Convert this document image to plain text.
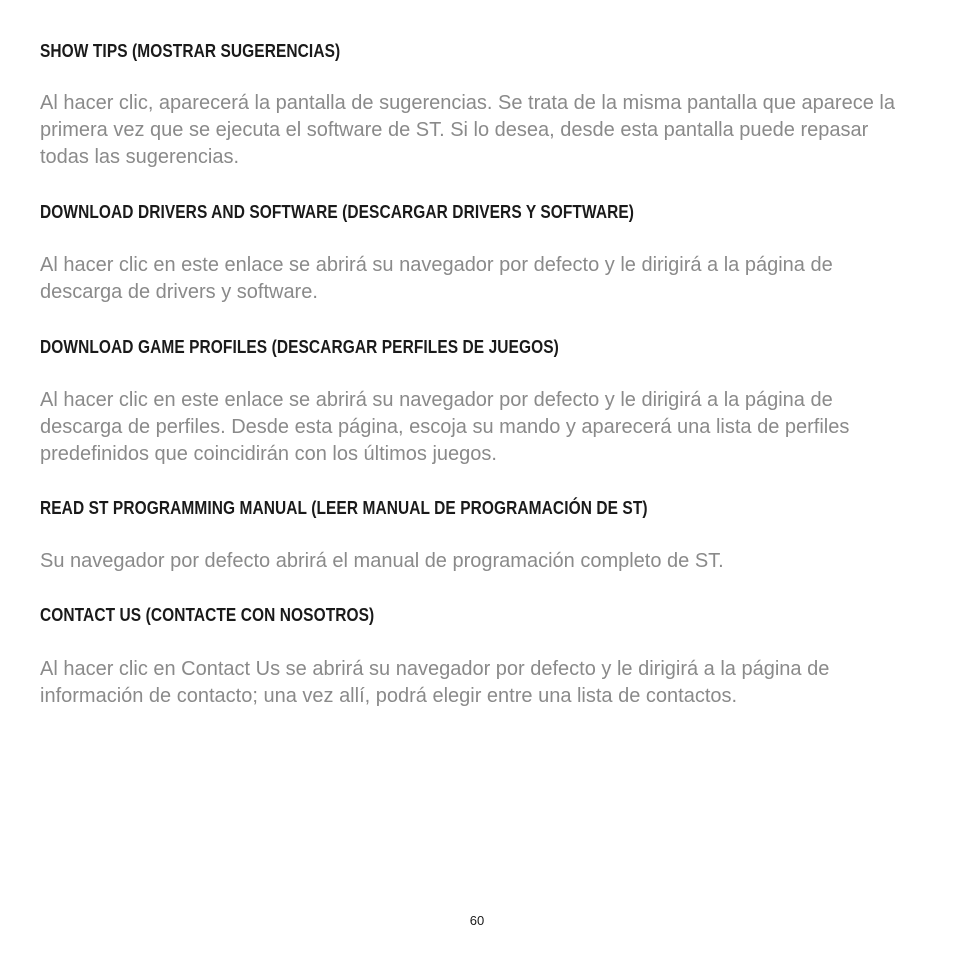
SHOW TIPS (MOSTRAR SUGERENCIAS)

Al hacer clic, aparecerá la pantalla de sugerencias. Se trata de la misma pantalla que aparece la primera vez que se ejecuta el software de ST. Si lo desea, desde esta pantalla puede repasar todas las sugerencias.

DOWNLOAD DRIVERS AND SOFTWARE (DESCARGAR DRIVERS Y SOFTWARE)

Al hacer clic en este enlace se abrirá su navegador por defecto y le dirigirá a la página de descarga de drivers y software.

DOWNLOAD GAME PROFILES (DESCARGAR PERFILES DE JUEGOS)

Al hacer clic en este enlace se abrirá su navegador por defecto y le dirigirá a la página de descarga de perfiles. Desde esta página, escoja su mando y aparecerá una lista de perfiles predefinidos que coincidirán con los últimos juegos.

READ ST PROGRAMMING MANUAL (LEER MANUAL DE PROGRAMACIÓN DE ST)

Su navegador por defecto abrirá el manual de programación completo de ST.

CONTACT US (CONTACTE CON NOSOTROS)

Al hacer clic en Contact Us se abrirá su navegador por defecto y le dirigirá a la página de información de contacto; una vez allí, podrá elegir entre una lista de contactos.

60
